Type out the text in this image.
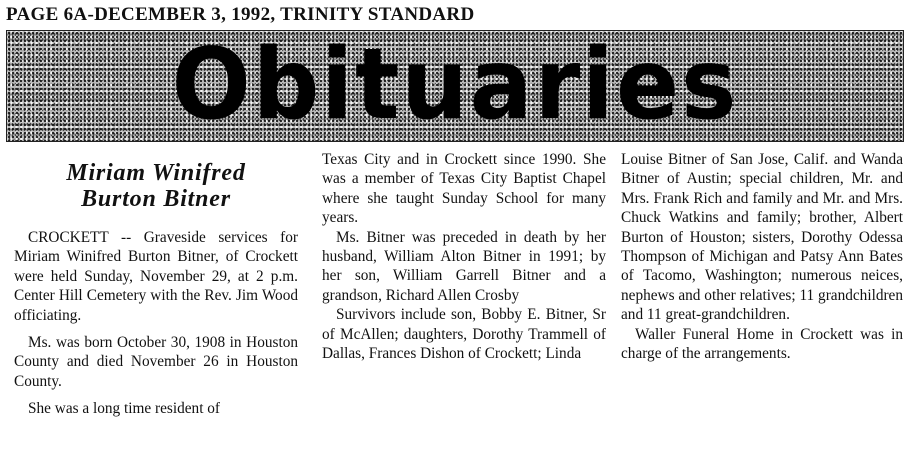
PAGE 6A-DECEMBER 3, 1992, TRINITY STANDARD
Obituaries
Miriam Winifred
Burton Bitner

CROCKETT -- Graveside services for Miriam Winifred Burton Bitner, of Crockett were held Sunday, November 29, at 2 p.m. Center Hill Cemetery with the Rev. Jim Wood officiating.

Ms. was born October 30, 1908 in Houston County and died November 26 in Houston County.

She was a long time resident of

Texas City and in Crockett since 1990. She was a member of Texas City Baptist Chapel where she taught Sunday School for many years.

Ms. Bitner was preceded in death by her husband, William Alton Bitner in 1991; by her son, William Garrell Bitner and a grandson, Richard Allen Crosby

Survivors include son, Bobby E. Bitner, Sr of McAllen; daughters, Dorothy Trammell of Dallas, Frances Dishon of Crockett; Linda

Louise Bitner of San Jose, Calif. and Wanda Bitner of Austin; special children, Mr. and Mrs. Frank Rich and family and Mr. and Mrs. Chuck Watkins and family; brother, Albert Burton of Houston; sisters, Dorothy Odessa Thompson of Michigan and Patsy Ann Bates of Tacomo, Washington; numerous neices, nephews and other relatives; 11 grandchildren and 11 great-grandchildren.

Waller Funeral Home in Crockett was in charge of the arrangements.
